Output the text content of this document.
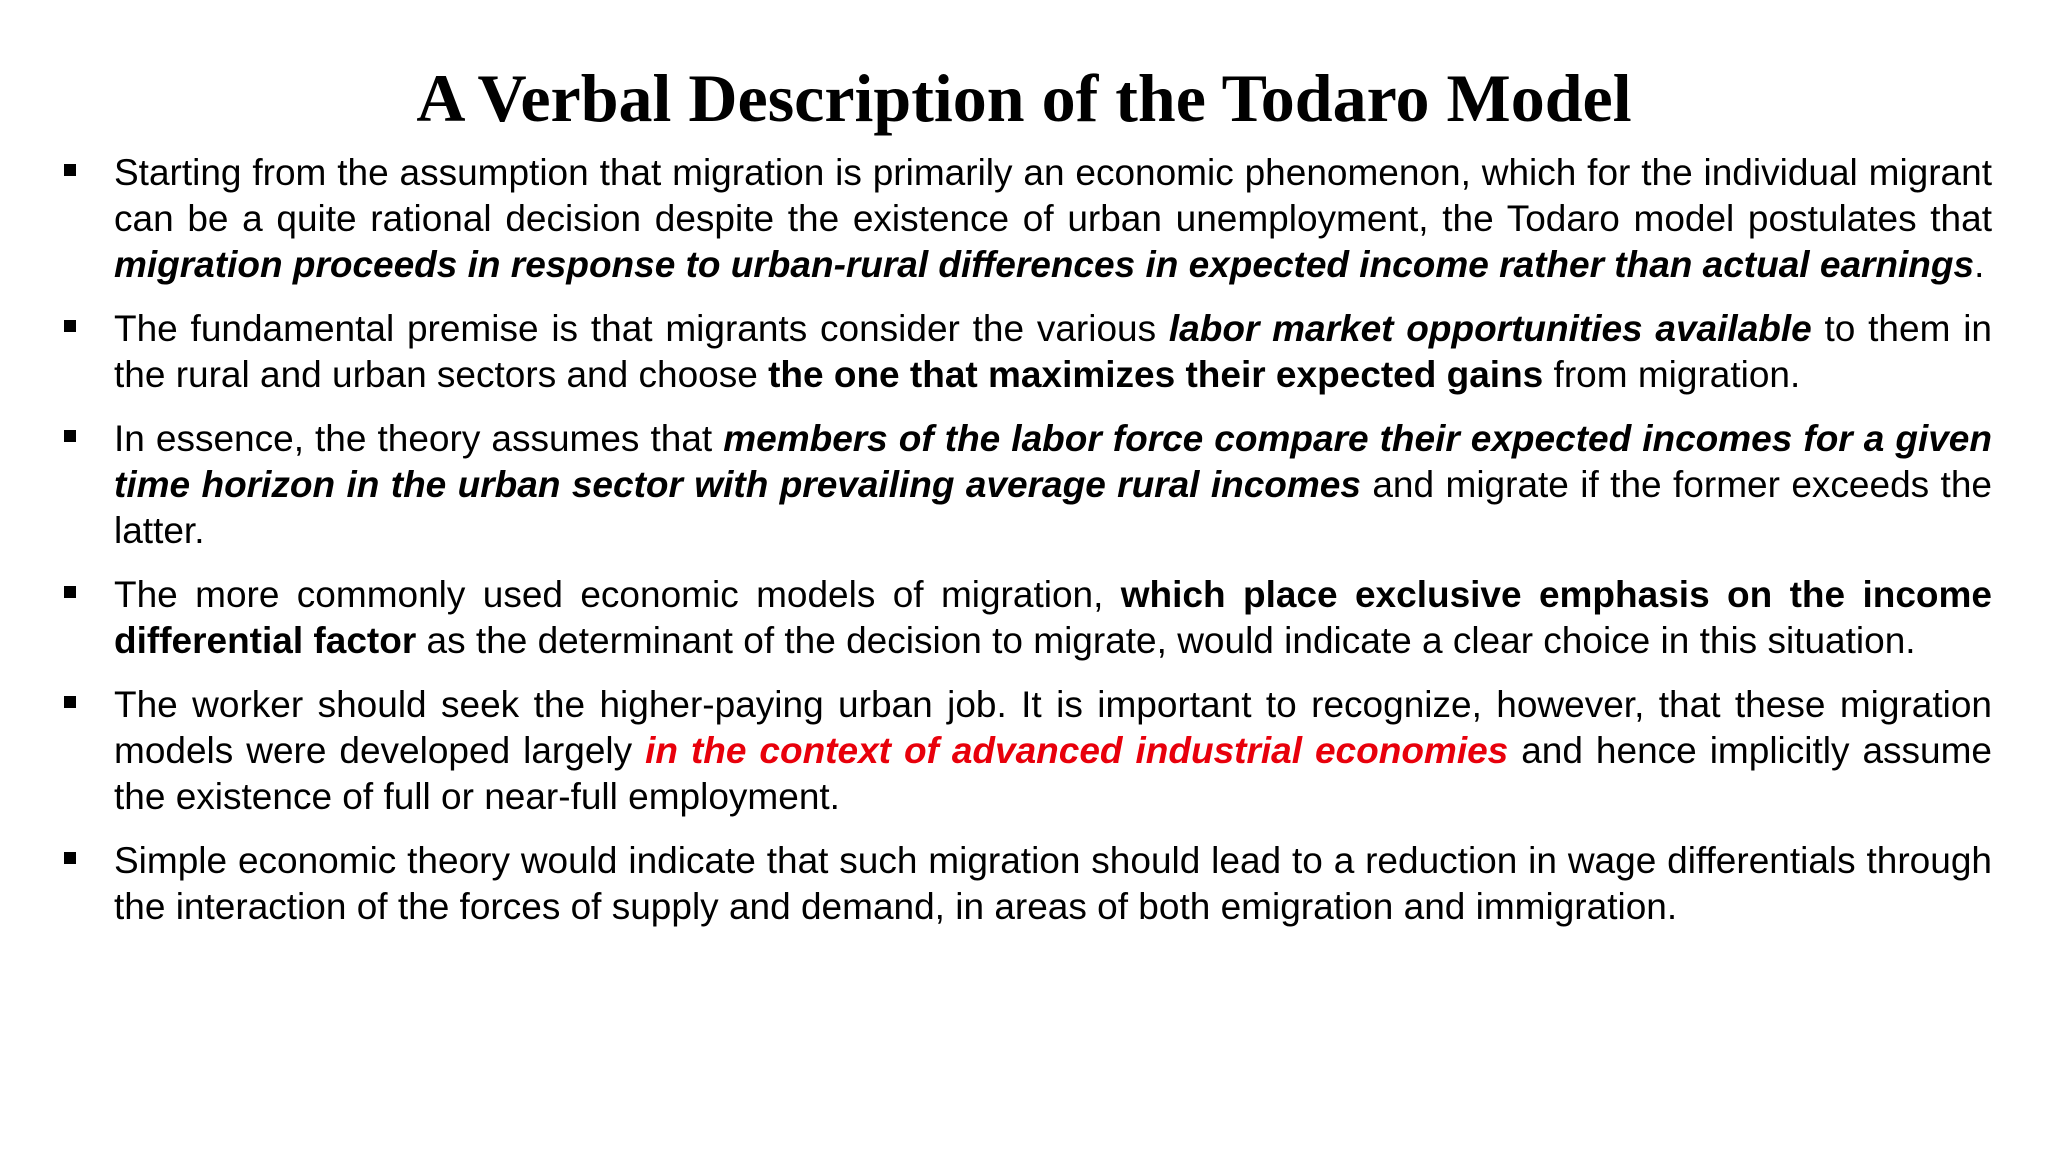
A Verbal Description of the Todaro Model
Starting from the assumption that migration is primarily an economic phenomenon, which for the individual migrant can be a quite rational decision despite the existence of urban unemployment, the Todaro model postulates that migration proceeds in response to urban-rural differences in expected income rather than actual earnings.
The fundamental premise is that migrants consider the various labor market opportunities available to them in the rural and urban sectors and choose the one that maximizes their expected gains from migration.
In essence, the theory assumes that members of the labor force compare their expected incomes for a given time horizon in the urban sector with prevailing average rural incomes and migrate if the former exceeds the latter.
The more commonly used economic models of migration, which place exclusive emphasis on the income differential factor as the determinant of the decision to migrate, would indicate a clear choice in this situation.
The worker should seek the higher-paying urban job. It is important to recognize, however, that these migration models were developed largely in the context of advanced industrial economies and hence implicitly assume the existence of full or near-full employment.
Simple economic theory would indicate that such migration should lead to a reduction in wage differentials through the interaction of the forces of supply and demand, in areas of both emigration and immigration.
